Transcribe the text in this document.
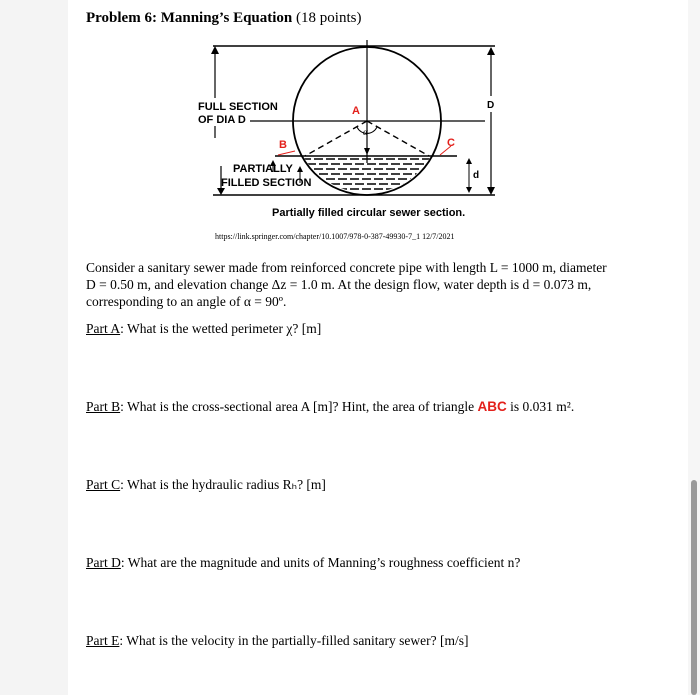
Problem 6: Manning’s Equation (18 points)
FULL SECTION
OF DIA D
A
B	C
D
d
α
PARTIALLY
FILLED SECTION
Partially filled circular sewer section.
https://link.springer.com/chapter/10.1007/978-0-387-49930-7_1 12/7/2021
Consider a sanitary sewer made from reinforced concrete pipe with length L = 1000 m, diameter
D = 0.50 m, and elevation change Δz = 1.0 m. At the design flow, water depth is d = 0.073 m,
corresponding to an angle of α = 90º.
Part A: What is the wetted perimeter χ? [m]
Part B: What is the cross-sectional area A [m]? Hint, the area of triangle ABC is 0.031 m².
Part C: What is the hydraulic radius Rₕ? [m]
Part D: What are the magnitude and units of Manning’s roughness coefficient n?
Part E: What is the velocity in the partially-filled sanitary sewer? [m/s]
